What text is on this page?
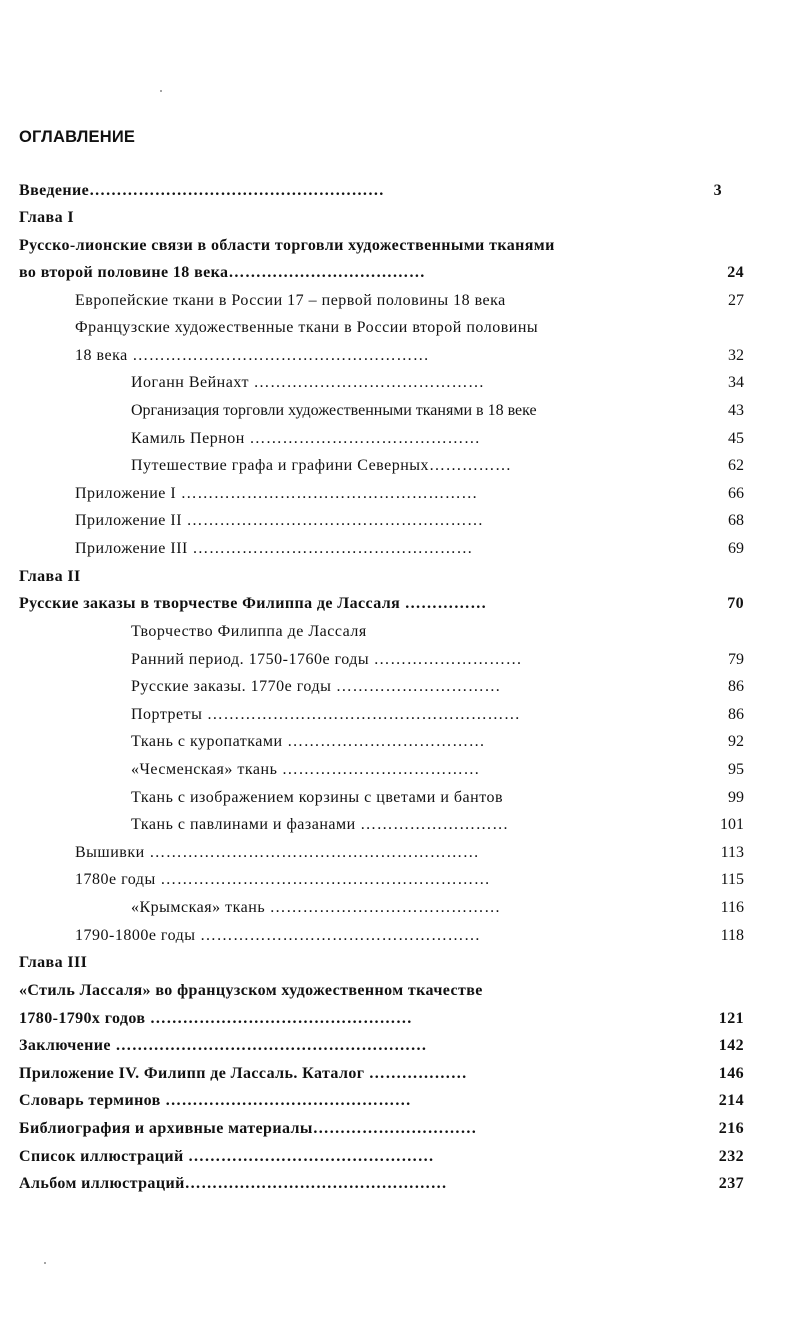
ОГЛАВЛЕНИЕ
Введение………………………………………………	3
Глава I
Русско-лионские связи в области торговли художественными тканями
во второй половине 18 века………………………………	24
Европейские ткани в России 17 – первой половины 18 века	27
Французские художественные ткани в России второй половины
18 века ………………………………………………	32
Иоганн Вейнахт ……………………………………	34
Организация торговли художественными тканями в 18 веке	43
Камиль Пернон ……………………………………	45
Путешествие графа и графини Северных……………	62
Приложение I ………………………………………………	66
Приложение II ………………………………………………	68
Приложение III ……………………………………………	69
Глава II
Русские заказы в творчестве Филиппа де Лассаля ……………	70
Творчество Филиппа де Лассаля
Ранний период. 1750-1760е годы ………………………	79
Русские заказы. 1770е годы …………………………	86
Портреты …………………………………………………	86
Ткань с куропатками ………………………………	92
«Чесменская» ткань ………………………………	95
Ткань с изображением корзины с цветами и бантов	99
Ткань с павлинами и фазанами ………………………	101
Вышивки ……………………………………………………	113
1780е годы ……………………………………………………	115
«Крымская» ткань ……………………………………	116
1790-1800е годы ……………………………………………	118
Глава III
«Стиль Лассаля» во французском художественном ткачестве
1780-1790х годов …………………………………………	121
Заключение …………………………………………………	142
Приложение IV. Филипп де Лассаль. Каталог ………………	146
Словарь терминов ………………………………………	214
Библиография и архивные материалы…………………………	216
Список иллюстраций ………………………………………	232
Альбом иллюстраций…………………………………………	237
